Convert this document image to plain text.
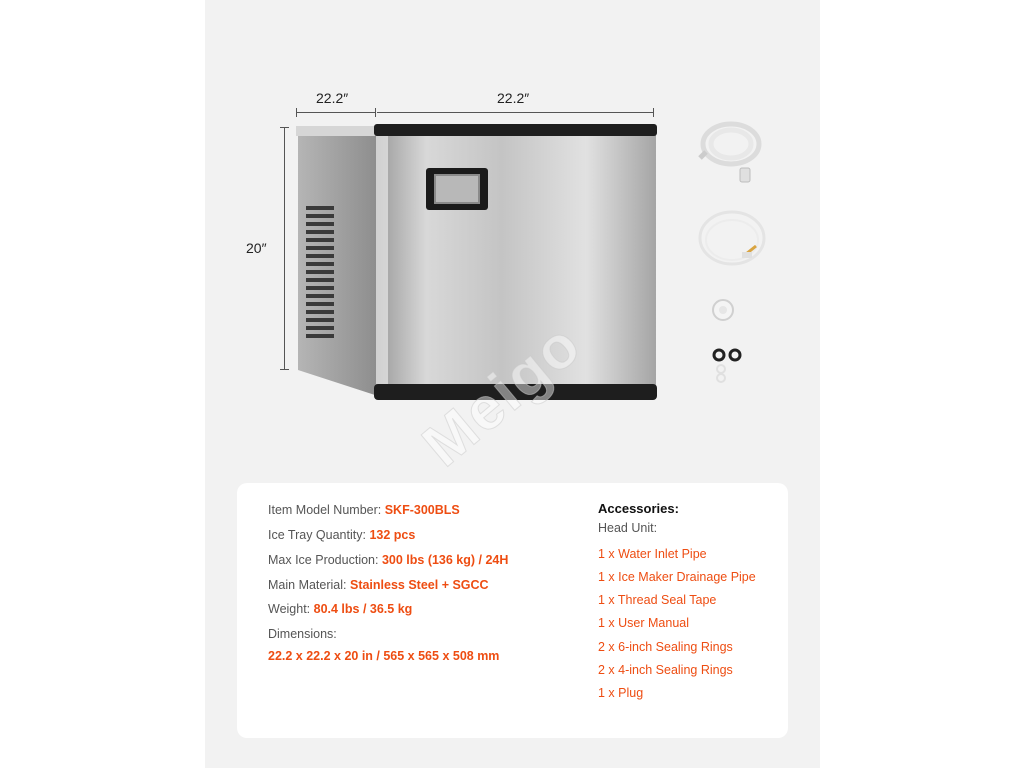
22.2″	22.2″
20″
Meigo
Item Model Number: SKF-300BLS
Ice Tray Quantity: 132 pcs
Max Ice Production: 300 lbs (136 kg) / 24H
Main Material: Stainless Steel + SGCC
Weight: 80.4 lbs / 36.5 kg
Dimensions:
22.2 x 22.2 x 20 in / 565 x 565 x 508 mm
Accessories:
Head Unit:
1 x Water Inlet Pipe
1 x Ice Maker Drainage Pipe
1 x Thread Seal Tape
1 x User Manual
2 x 6-inch Sealing Rings
2 x 4-inch Sealing Rings
1 x Plug
